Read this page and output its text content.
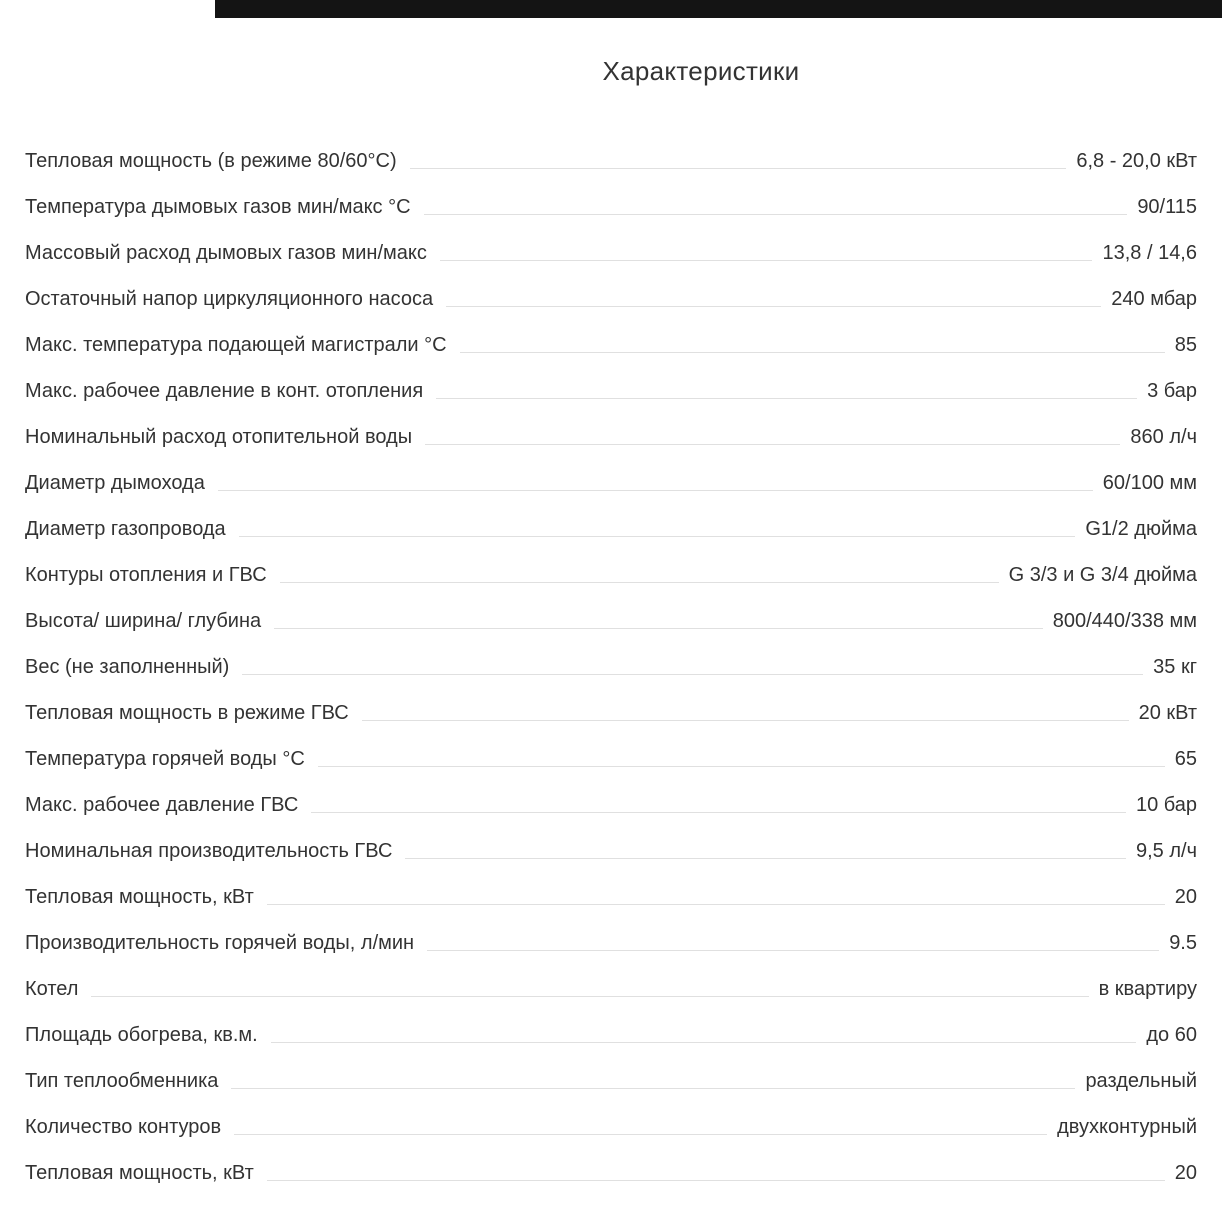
Характеристики
Тепловая мощность (в режиме 80/60°С)	6,8 - 20,0 кВт
Температура дымовых газов мин/макс °С	90/115
Массовый расход дымовых газов мин/макс	13,8 / 14,6
Остаточный напор циркуляционного насоса	240 мбар
Макс. температура подающей магистрали °С	85
Макс. рабочее давление в конт. отопления	3 бар
Номинальный расход отопительной воды	860 л/ч
Диаметр дымохода	60/100 мм
Диаметр газопровода	G1/2 дюйма
Контуры отопления и ГВС	G 3/3 и G 3/4 дюйма
Высота/ ширина/ глубина	800/440/338 мм
Вес (не заполненный)	35 кг
Тепловая мощность в режиме ГВС	20 кВт
Температура горячей воды °С	65
Макс. рабочее давление ГВС	10 бар
Номинальная производительность ГВС	9,5 л/ч
Тепловая мощность, кВт	20
Производительность горячей воды, л/мин	9.5
Котел	в квартиру
Площадь обогрева, кв.м.	до 60
Тип теплообменника	раздельный
Количество контуров	двухконтурный
Тепловая мощность, кВт	20
